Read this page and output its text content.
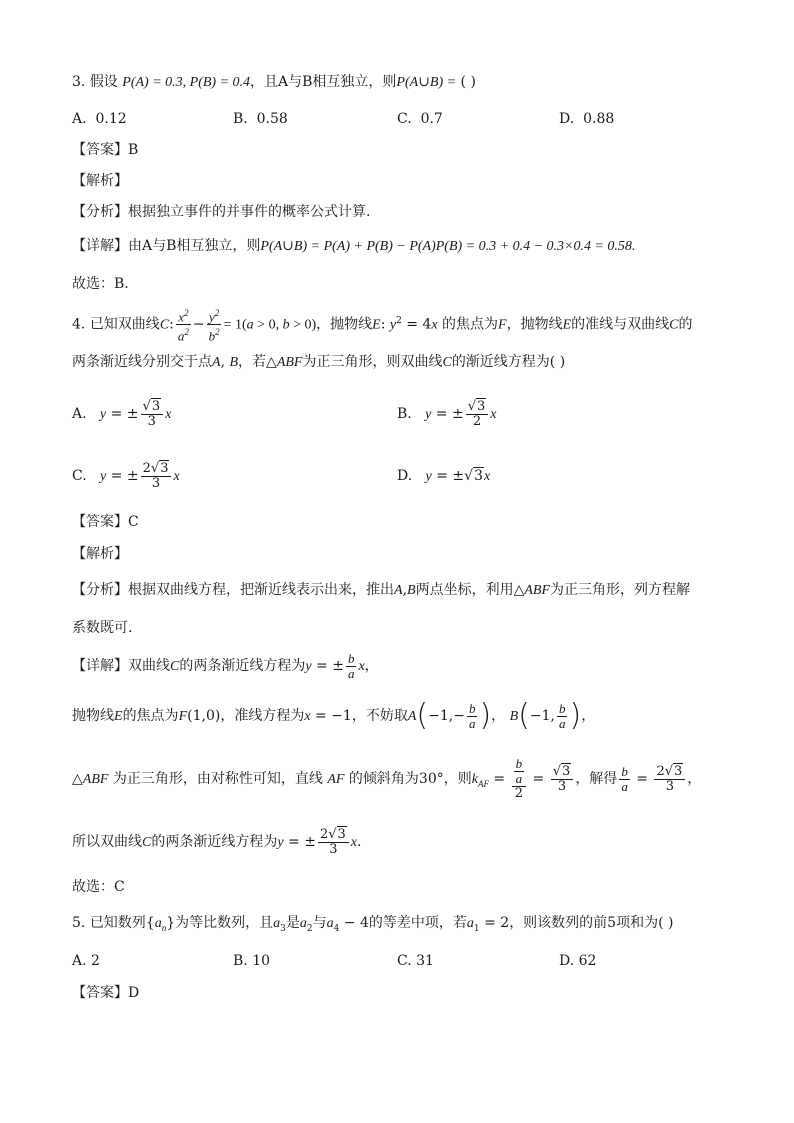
3. 假设 P(A) = 0.3, P(B) = 0.4，且A与B相互独立，则P(A∪B) = ( )
A. 0.12	B. 0.58	C. 0.7	D. 0.88
【答案】B
【解析】
【分析】根据独立事件的并事件的概率公式计算.
【详解】由A与B相互独立，则P(A∪B) = P(A) + P(B) − P(A)P(B) = 0.3 + 0.4 − 0.3×0.4 = 0.58.
故选：B.
4. 已知双曲线C: $\frac{x^2}{a^2} - \frac{y^2}{b^2} = 1(a > 0$, b > 0)，抛物线E: $y^2 = 4x$ 的焦点为F，抛物线E的准线与双曲线C的
两条渐近线分别交于点A, B，若△ABF为正三角形，则双曲线C的渐近线方程为( )
A. y = ± $\frac{√3}{3}$ x	B. y = ± $\frac{√3}{2}$ x
C. y = ± $\frac{2√3}{3}$ x	D. y = ±√3x
【答案】C
【解析】
【分析】根据双曲线方程，把渐近线表示出来，推出A,B两点坐标，利用△ABF为正三角形，列方程解
系数既可.
【详解】双曲线C的两条渐近线方程为y = ± $\frac{b}{a}$ x，
抛物线E的焦点为F(1,0)，准线方程为x = −1，不妨取$A(-1,- \frac{b}{a}$ )， B(−1, $\frac{b}{a}$ )，
△ABF 为正三角形，由对称性可知，直线 AF 的倾斜角为30°，则$k_{AF} = \frac{\frac{b}{a}}{2} = \frac{√3}{3}$ ，解得 $\frac{b}{a} = \frac{2√3}{3}$ ，
所以双曲线C的两条渐近线方程为y = ± $\frac{2√3}{3} x$.
故选：C
5. 已知数列$\{a_n\}$为等比数列，且$a_3$是$a_2$与$a_4 - 4$的等差中项，若$a_1 = 2$，则该数列的前5项和为( )
A. 2	B. 10	C. 31	D. 62
【答案】D
